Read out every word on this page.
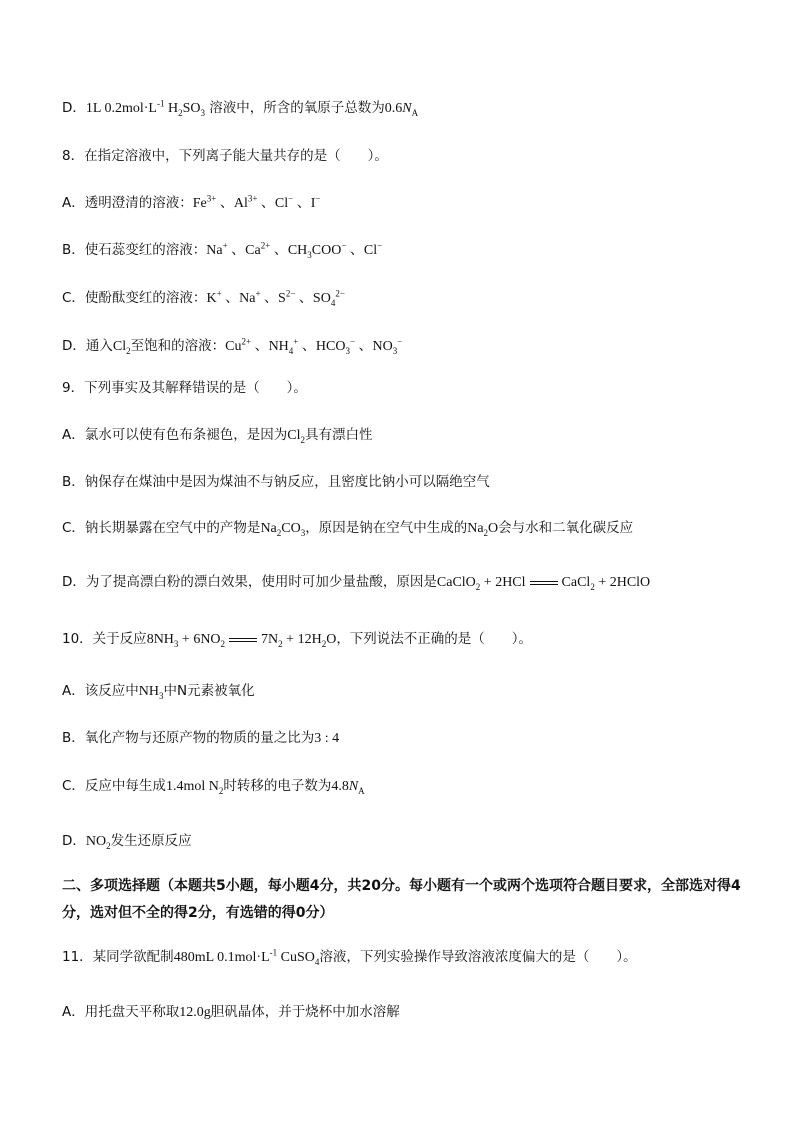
D．1L $0.2mol\cdot L^{-1}$ $H_2SO_3$ 溶液中，所含的氧原子总数为$0.6N_A$
8．在指定溶液中，下列离子能大量共存的是（　　）。
A．透明澄清的溶液：$Fe^{3+}$ 、$Al^{3+}$ 、Cl− 、I−
B．使石蕊变红的溶液：Na+ 、$Ca^{2+}$ 、$CH_3COO^-$ 、Cl−
C．使酚酞变红的溶液：K+ 、Na+ 、$S^{2-}$ 、$SO_4^{2-}$
D．通入$Cl_2$至饱和的溶液：$Cu^{2+}$ 、$NH_4^+$ 、$HCO_3^-$ 、$NO_3^-$
9．下列事实及其解释错误的是（　　）。
A．氯水可以使有色布条褪色，是因为$Cl_2$具有漂白性
B．钠保存在煤油中是因为煤油不与钠反应，且密度比钠小可以隔绝空气
C．钠长期暴露在空气中的产物是$Na_2CO_3$，原因是钠在空气中生成的$Na_2O$会与水和二氧化碳反应
D．为了提高漂白粉的漂白效果，使用时可加少量盐酸，原因是CaClO$_2$ + 2HCl	CaCl$_2$ + 2HClO
10．关于反应$8NH_3 + 6NO_2$	$7N_2 + 12H_2O$，下列说法不正确的是（　　）。
A．该反应中$NH_3$中N元素被氧化
B．氧化产物与还原产物的物质的量之比为3 : 4
C．反应中每生成1.4mol $N_2$时转移的电子数为$4.8N_A$
D．$NO_2$发生还原反应
二、多项选择题（本题共5小题，每小题4分，共20分。每小题有一个或两个选项符合题目要求，全部选对得4分，选对但不全的得2分，有选错的得0分）
11．某同学欲配制480mL $0.1mol\cdot L^{-1}$ CuSO$_4$溶液，下列实验操作导致溶液浓度偏大的是（　　）。
A．用托盘天平称取12.0g胆矾晶体，并于烧杯中加水溶解
